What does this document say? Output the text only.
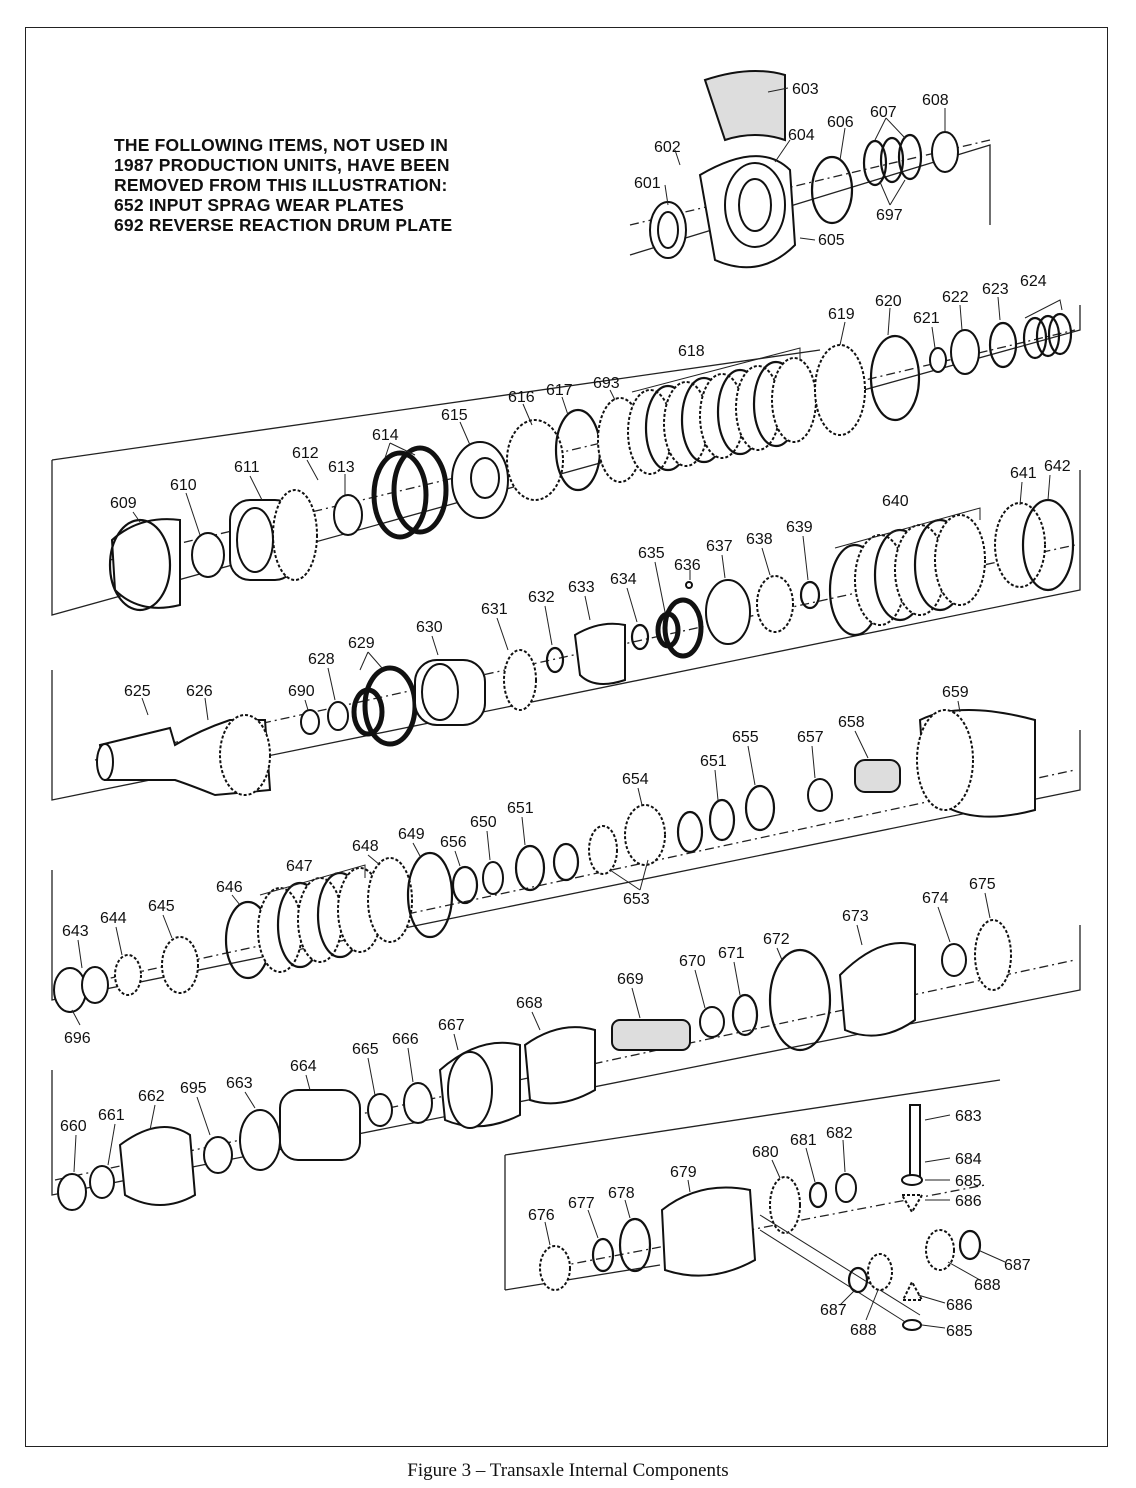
THE FOLLOWING ITEMS, NOT USED IN
1987 PRODUCTION UNITS, HAVE BEEN
REMOVED FROM THIS ILLUSTRATION:
652 INPUT SPRAG WEAR PLATES
692 REVERSE REACTION DRUM PLATE
603
602
601
604
606
607
608
697
605
609
610
611
612
613
614
615
616 617 693
618
619
620
621
622 623 624
625 626	690
628
629
630
631
632
633 634
635
636
637 638
639
640
641 642
643
644
645
696
646
647
648
649 656
650
651
653
654
651
655 657
658
659
660
661
662 695 663
664
665
666
667
668
669
670 671
672
673
674
675
683
684
685
686
676
677
678
679
680
681 682
687
688
686
685
687
688
Figure 3 – Transaxle Internal Components
